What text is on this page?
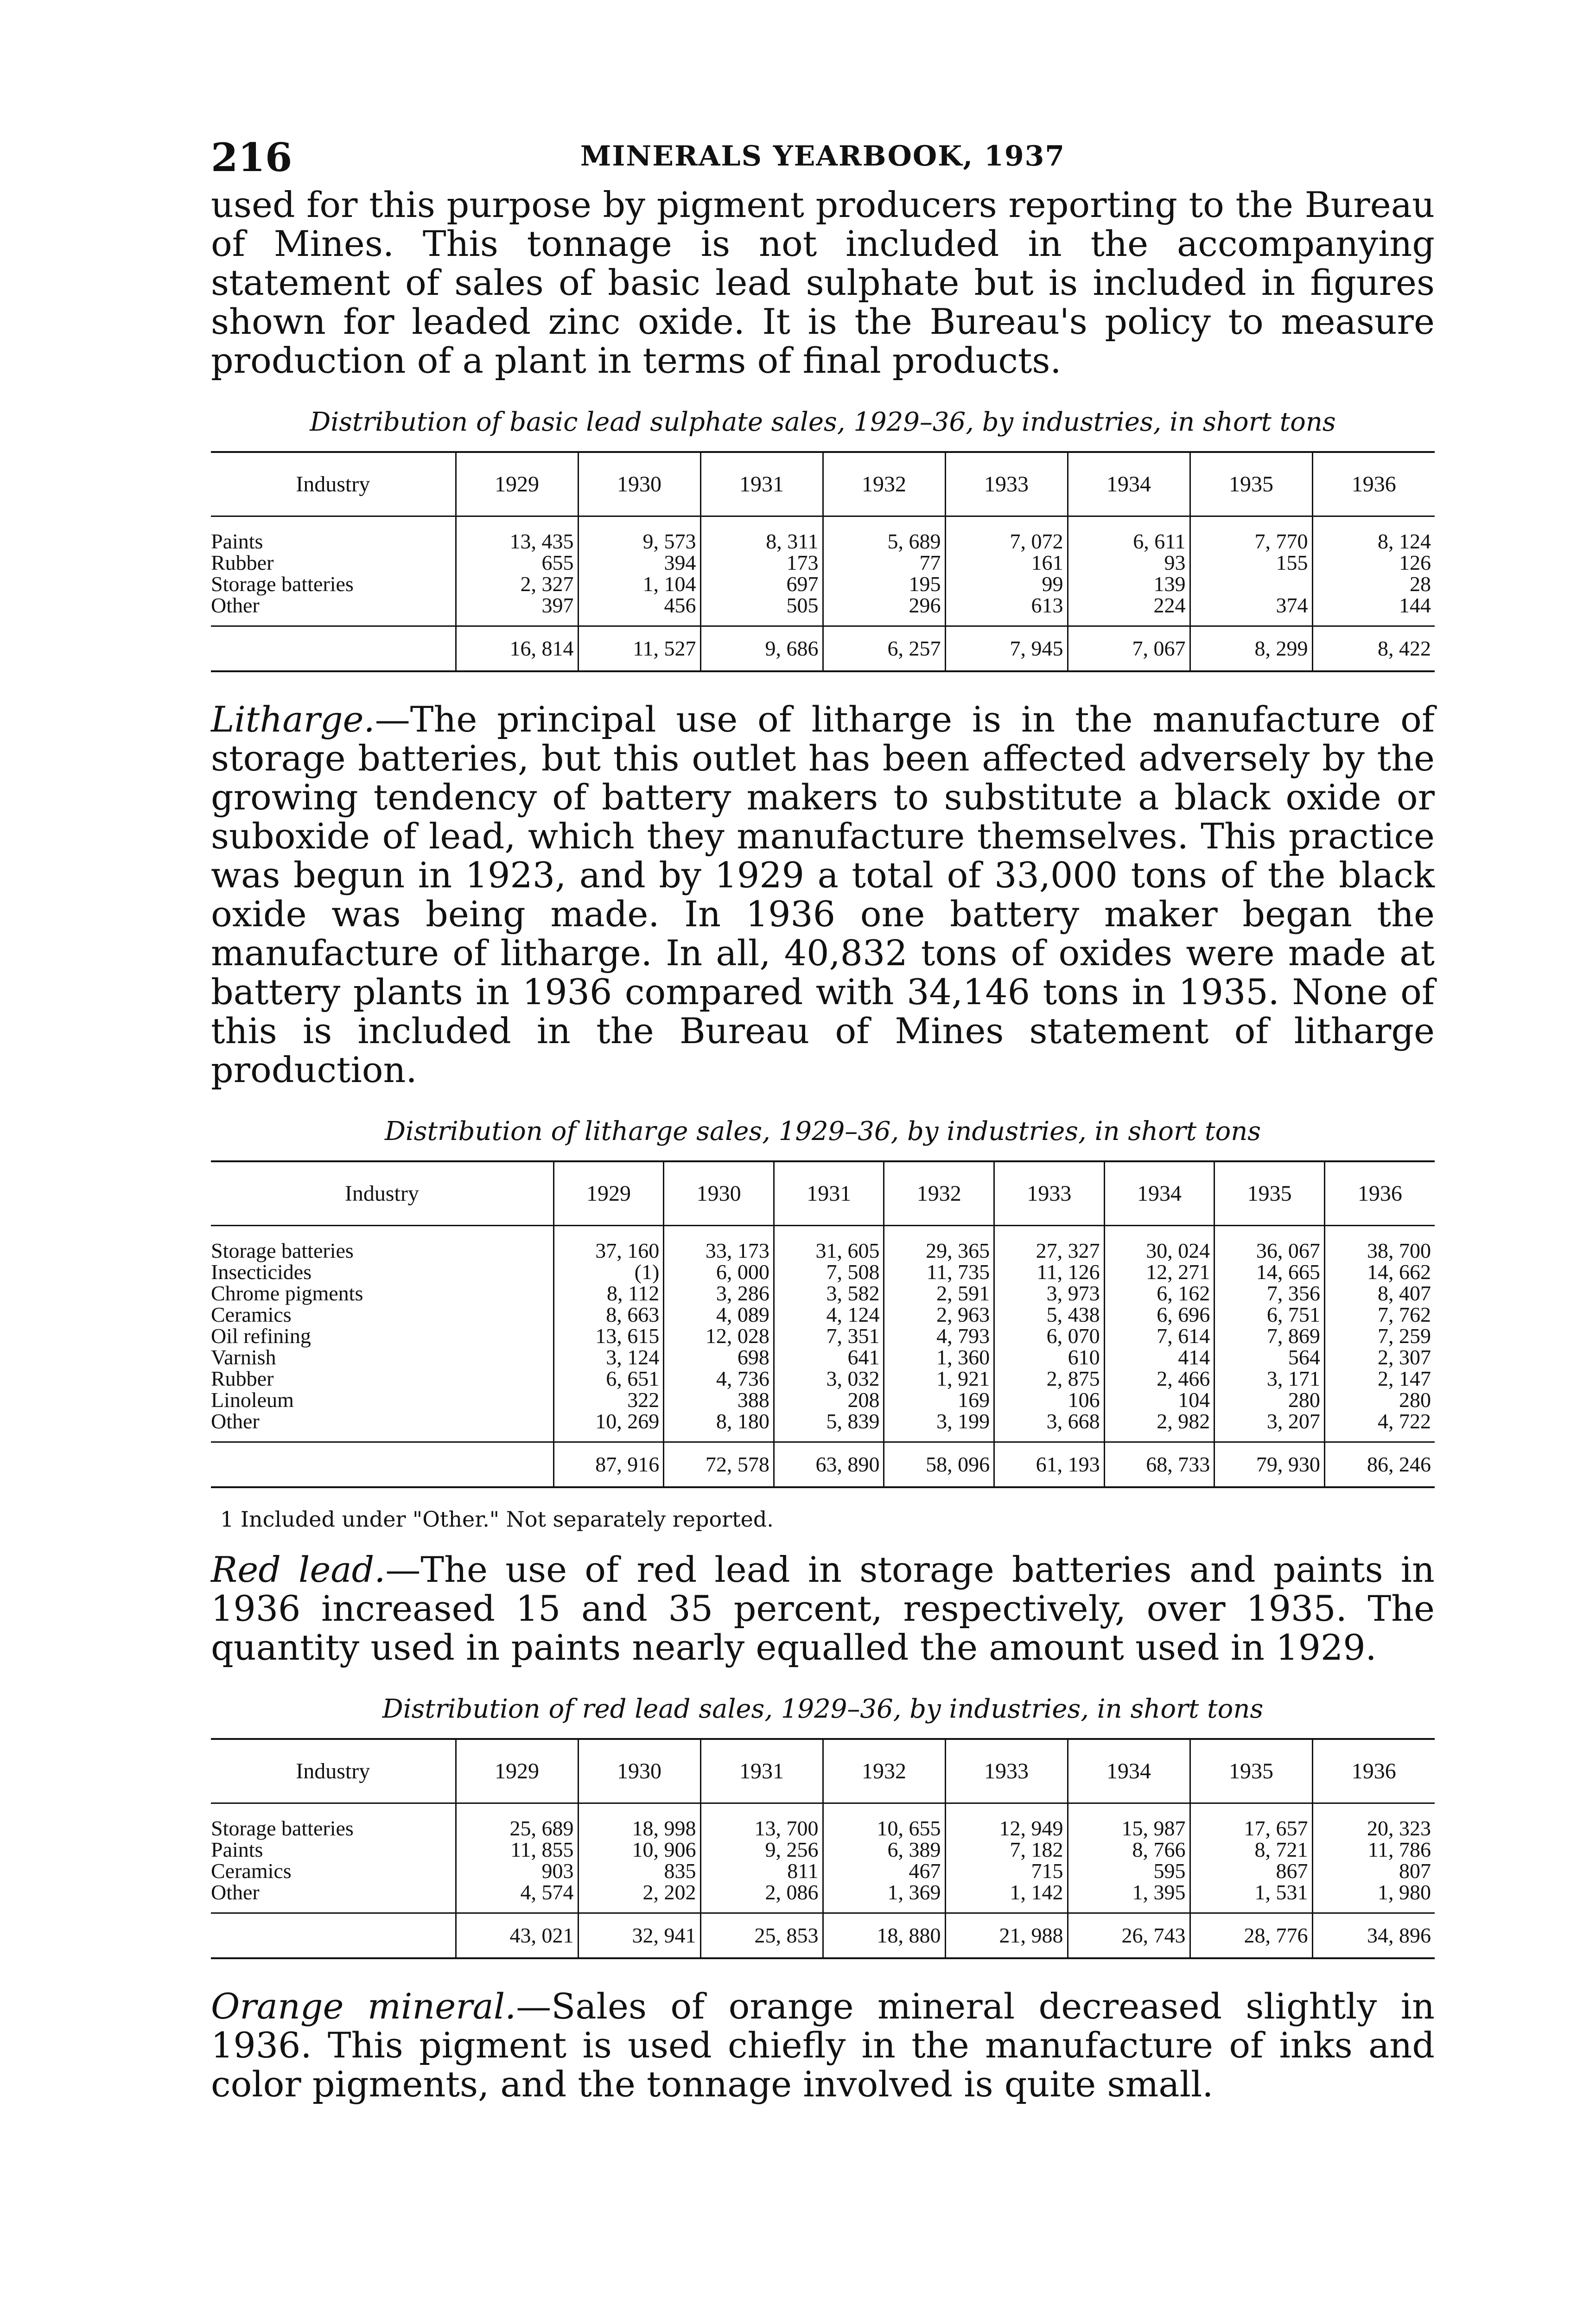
216	MINERALS YEARBOOK, 1937

used for this purpose by pigment producers reporting to the Bureau of Mines. This tonnage is not included in the accompanying statement of sales of basic lead sulphate but is included in figures shown for leaded zinc oxide. It is the Bureau's policy to measure production of a plant in terms of final products.

Distribution of basic lead sulphate sales, 1929–36, by industries, in short tons
Industry	1929	1930	1931	1932	1933	1934	1935	1936
Paints	13, 435	9, 573	8, 311	5, 689	7, 072	6, 611	7, 770	8, 124
Rubber	655	394	173	77	161	93	155	126
Storage batteries	2, 327	1, 104	697	195	99	139		28
Other	397	456	505	296	613	224	374	144
	16, 814	11, 527	9, 686	6, 257	7, 945	7, 067	8, 299	8, 422

Litharge.—The principal use of litharge is in the manufacture of storage batteries, but this outlet has been affected adversely by the growing tendency of battery makers to substitute a black oxide or suboxide of lead, which they manufacture themselves. This practice was begun in 1923, and by 1929 a total of 33,000 tons of the black oxide was being made. In 1936 one battery maker began the manufacture of litharge. In all, 40,832 tons of oxides were made at battery plants in 1936 compared with 34,146 tons in 1935. None of this is included in the Bureau of Mines statement of litharge production.

Distribution of litharge sales, 1929–36, by industries, in short tons
Industry	1929	1930	1931	1932	1933	1934	1935	1936
Storage batteries	37, 160	33, 173	31, 605	29, 365	27, 327	30, 024	36, 067	38, 700
Insecticides	(1)	6, 000	7, 508	11, 735	11, 126	12, 271	14, 665	14, 662
Chrome pigments	8, 112	3, 286	3, 582	2, 591	3, 973	6, 162	7, 356	8, 407
Ceramics	8, 663	4, 089	4, 124	2, 963	5, 438	6, 696	6, 751	7, 762
Oil refining	13, 615	12, 028	7, 351	4, 793	6, 070	7, 614	7, 869	7, 259
Varnish	3, 124	698	641	1, 360	610	414	564	2, 307
Rubber	6, 651	4, 736	3, 032	1, 921	2, 875	2, 466	3, 171	2, 147
Linoleum	322	388	208	169	106	104	280	280
Other	10, 269	8, 180	5, 839	3, 199	3, 668	2, 982	3, 207	4, 722
	87, 916	72, 578	63, 890	58, 096	61, 193	68, 733	79, 930	86, 246
1 Included under "Other." Not separately reported.

Red lead.—The use of red lead in storage batteries and paints in 1936 increased 15 and 35 percent, respectively, over 1935. The quantity used in paints nearly equalled the amount used in 1929.

Distribution of red lead sales, 1929–36, by industries, in short tons
Industry	1929	1930	1931	1932	1933	1934	1935	1936
Storage batteries	25, 689	18, 998	13, 700	10, 655	12, 949	15, 987	17, 657	20, 323
Paints	11, 855	10, 906	9, 256	6, 389	7, 182	8, 766	8, 721	11, 786
Ceramics	903	835	811	467	715	595	867	807
Other	4, 574	2, 202	2, 086	1, 369	1, 142	1, 395	1, 531	1, 980
	43, 021	32, 941	25, 853	18, 880	21, 988	26, 743	28, 776	34, 896

Orange mineral.—Sales of orange mineral decreased slightly in 1936. This pigment is used chiefly in the manufacture of inks and color pigments, and the tonnage involved is quite small.
